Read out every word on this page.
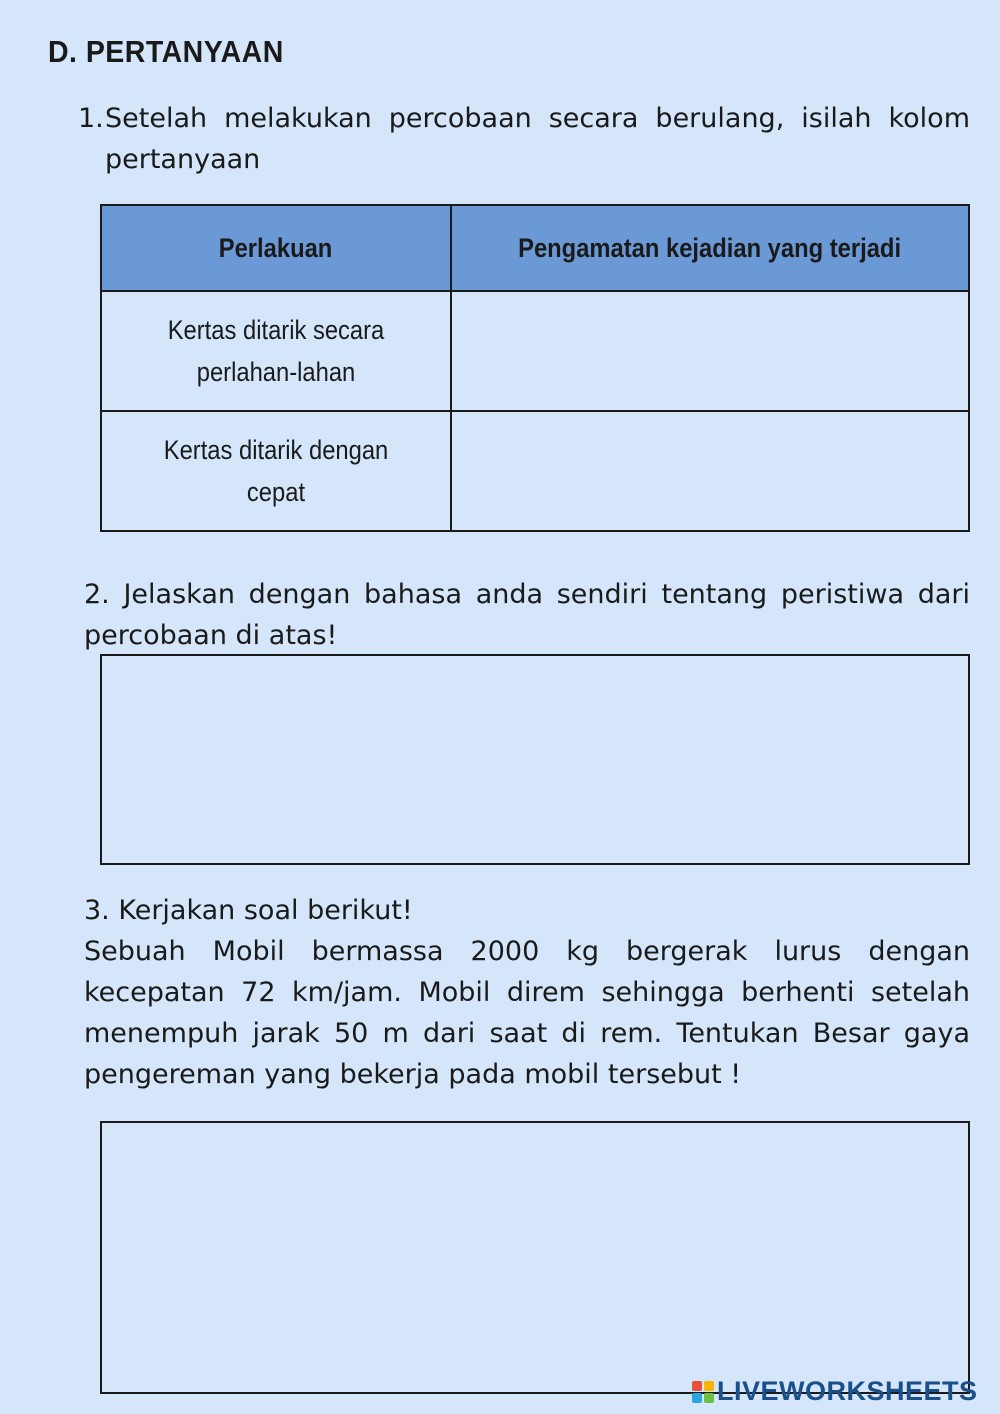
D. PERTANYAAN
1. Setelah melakukan percobaan secara berulang, isilah kolom pertanyaan
Perlakuan	Pengamatan kejadian yang terjadi
Kertas ditarik secara perlahan-lahan	
Kertas ditarik dengan cepat	
2. Jelaskan dengan bahasa anda sendiri tentang peristiwa dari percobaan di atas!
3. Kerjakan soal berikut!
Sebuah Mobil bermassa 2000 kg bergerak lurus dengan kecepatan 72 km/jam. Mobil direm sehingga berhenti setelah menempuh jarak 50 m dari saat di rem. Tentukan Besar gaya pengereman yang bekerja pada mobil tersebut !
LIVEWORKSHEETS
